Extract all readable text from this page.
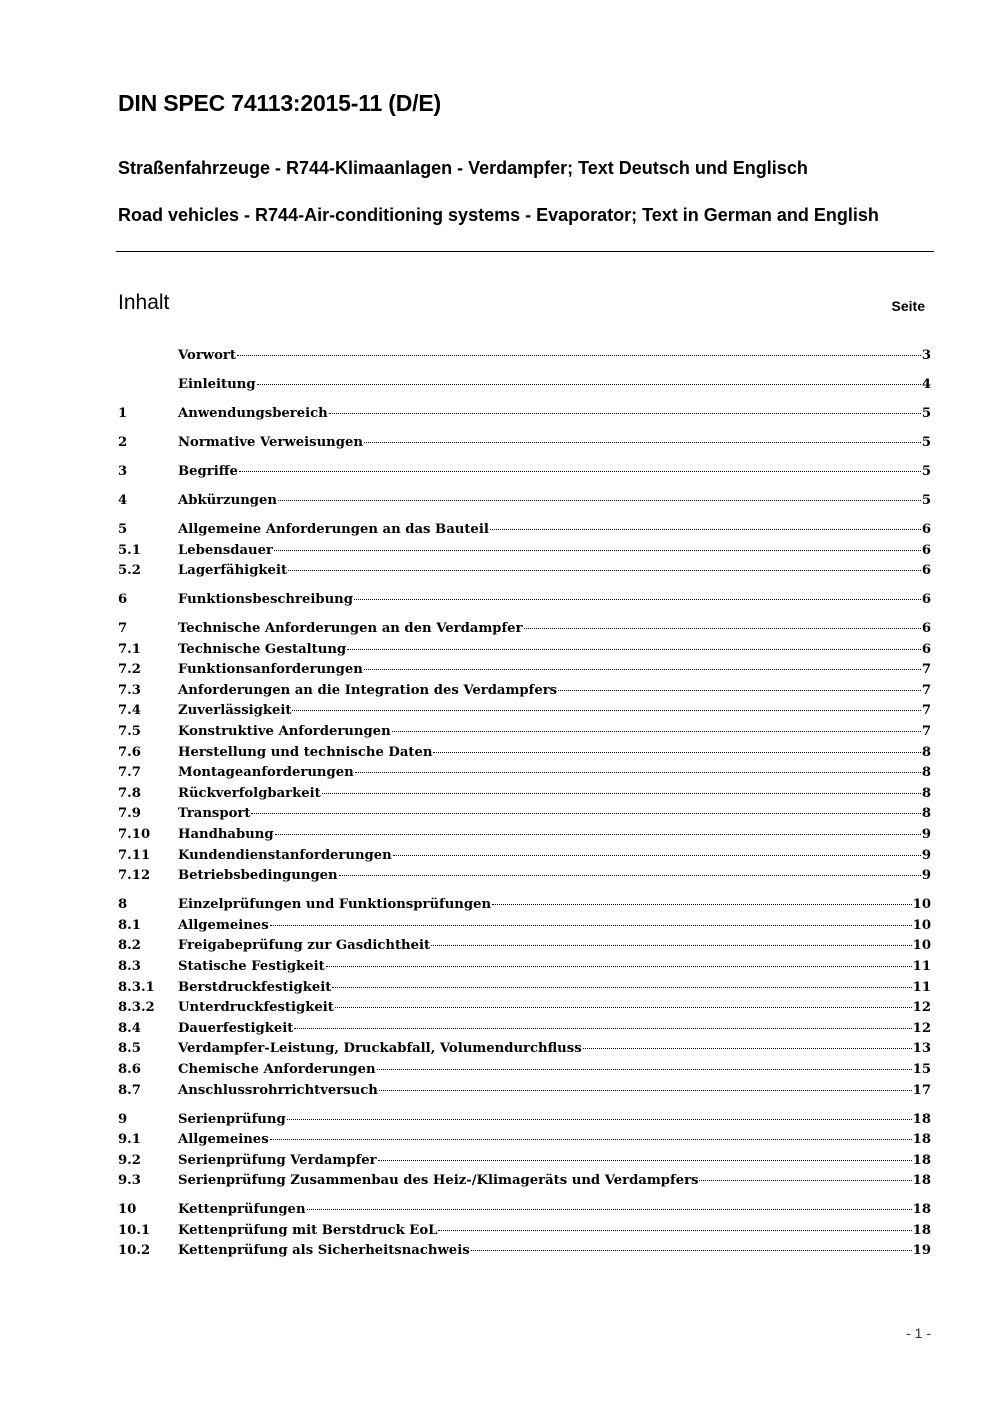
DIN SPEC 74113:2015-11 (D/E)
Straßenfahrzeuge - R744-Klimaanlagen - Verdampfer; Text Deutsch und Englisch
Road vehicles - R744-Air-conditioning systems - Evaporator; Text in German and English
Inhalt	Seite
Vorwort	3
Einleitung	4
1	Anwendungsbereich	5
2	Normative Verweisungen	5
3	Begriffe	5
4	Abkürzungen	5
5	Allgemeine Anforderungen an das Bauteil	6
5.1	Lebensdauer	6
5.2	Lagerfähigkeit	6
6	Funktionsbeschreibung	6
7	Technische Anforderungen an den Verdampfer	6
7.1	Technische Gestaltung	6
7.2	Funktionsanforderungen	7
7.3	Anforderungen an die Integration des Verdampfers	7
7.4	Zuverlässigkeit	7
7.5	Konstruktive Anforderungen	7
7.6	Herstellung und technische Daten	8
7.7	Montageanforderungen	8
7.8	Rückverfolgbarkeit	8
7.9	Transport	8
7.10	Handhabung	9
7.11	Kundendienstanforderungen	9
7.12	Betriebsbedingungen	9
8	Einzelprüfungen und Funktionsprüfungen	10
8.1	Allgemeines	10
8.2	Freigabeprüfung zur Gasdichtheit	10
8.3	Statische Festigkeit	11
8.3.1	Berstdruckfestigkeit	11
8.3.2	Unterdruckfestigkeit	12
8.4	Dauerfestigkeit	12
8.5	Verdampfer-Leistung, Druckabfall, Volumendurchfluss	13
8.6	Chemische Anforderungen	15
8.7	Anschlussrohrrichtversuch	17
9	Serienprüfung	18
9.1	Allgemeines	18
9.2	Serienprüfung Verdampfer	18
9.3	Serienprüfung Zusammenbau des Heiz-/Klimageräts und Verdampfers	18
10	Kettenprüfungen	18
10.1	Kettenprüfung mit Berstdruck EoL	18
10.2	Kettenprüfung als Sicherheitsnachweis	19
- 1 -
